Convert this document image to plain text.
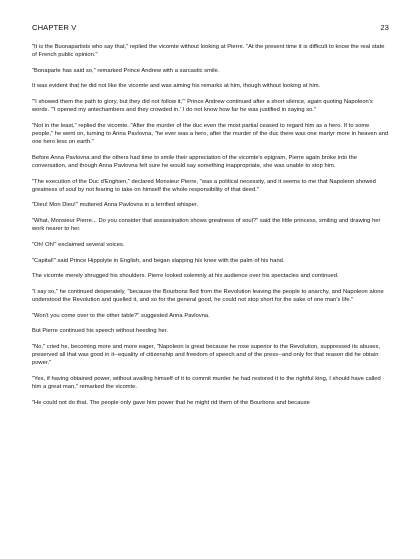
CHAPTER V	23

"It is the Buonapartists who say that," replied the vicomte without looking at Pierre. "At the present time it is difficult to know the real state of French public opinion."

"Bonaparte has said so," remarked Prince Andrew with a sarcastic smile.

It was evident that he did not like the vicomte and was aiming his remarks at him, though without looking at him.

"'I showed them the path to glory, but they did not follow it,'" Prince Andrew continued after a short silence, again quoting Napoleon's words. "'I opened my antechambers and they crowded in.' I do not know how far he was justified in saying so."

"Not in the least," replied the vicomte. "After the murder of the duc even the most partial ceased to regard him as a hero. If to some people," he went on, turning to Anna Pavlovna, "he ever was a hero, after the murder of the duc there was one martyr more in heaven and one hero less on earth."

Before Anna Pavlovna and the others had time to smile their appreciation of the vicomte's epigram, Pierre again broke into the conversation, and though Anna Pavlovna felt sure he would say something inappropriate, she was unable to stop him.

"The execution of the Duc d'Enghien," declared Monsieur Pierre, "was a political necessity, and it seems to me that Napoleon showed greatness of soul by not fearing to take on himself the whole responsibility of that deed."

"Dieu! Mon Dieu!" muttered Anna Pavlovna in a terrified whisper.

"What, Monsieur Pierre... Do you consider that assassination shows greatness of soul?" said the little princess, smiling and drawing her work nearer to her.

"Oh! Oh!" exclaimed several voices.

"Capital!" said Prince Hippolyte in English, and began slapping his knee with the palm of his hand.

The vicomte merely shrugged his shoulders. Pierre looked solemnly at his audience over his spectacles and continued.

"I say so," he continued desperately, "because the Bourbons fled from the Revolution leaving the people to anarchy, and Napoleon alone understood the Revolution and quelled it, and so for the general good, he could not stop short for the sake of one man's life."

"Won't you come over to the other table?" suggested Anna Pavlovna.

But Pierre continued his speech without heeding her.

"No," cried he, becoming more and more eager, "Napoleon is great because he rose superior to the Revolution, suppressed its abuses, preserved all that was good in it--equality of citizenship and freedom of speech and of the press--and only for that reason did he obtain power."

"Yes, if having obtained power, without availing himself of it to commit murder he had restored it to the rightful king, I should have called him a great man," remarked the vicomte.

"He could not do that. The people only gave him power that he might rid them of the Bourbons and because
